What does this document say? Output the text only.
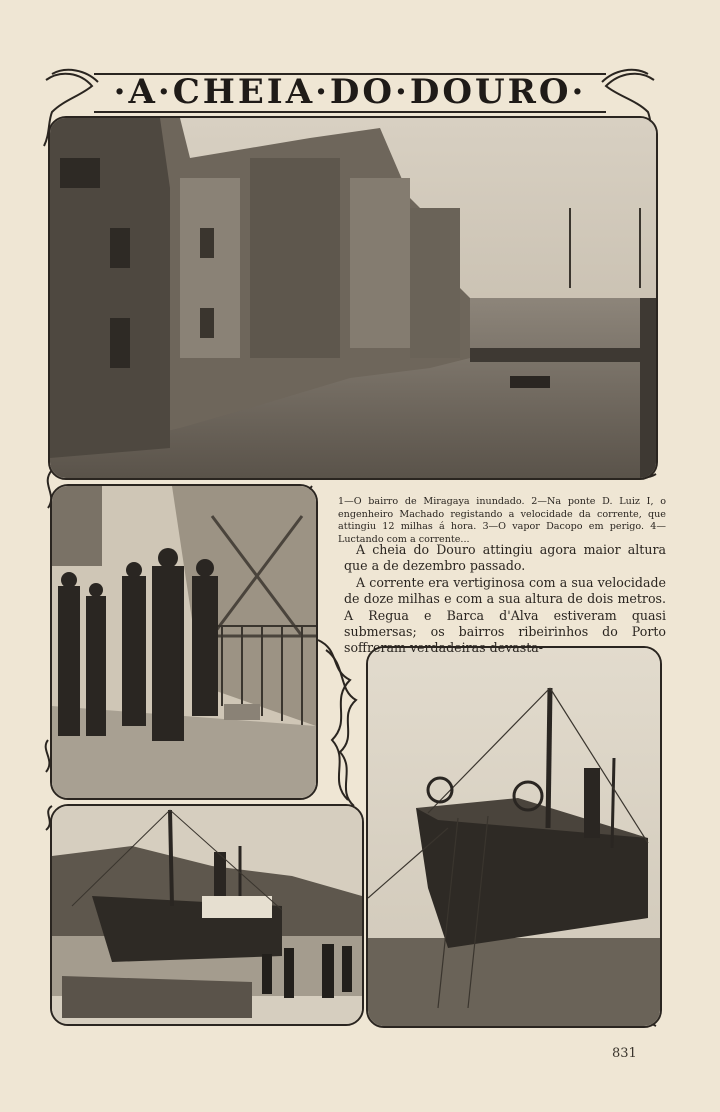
·A·CHEIA·DO·DOURO·
1—O bairro de Miragaya inundado. 2—Na ponte D. Luiz I, o engenheiro Machado registando a velocidade da corrente, que attingiu 12 milhas á hora. 3—O vapor Dacopo em perigo. 4—Luctando com a corrente...

A cheia do Douro attingiu agora maior altura que a de dezembro passado.

A corrente era vertiginosa com a sua velocidade de doze milhas e com a sua altura de dois metros. A Regua e Barca d'Alva estiveram quasi submersas; os bairros ribeirinhos do Porto soffreram verdadeiras devasta-

831
